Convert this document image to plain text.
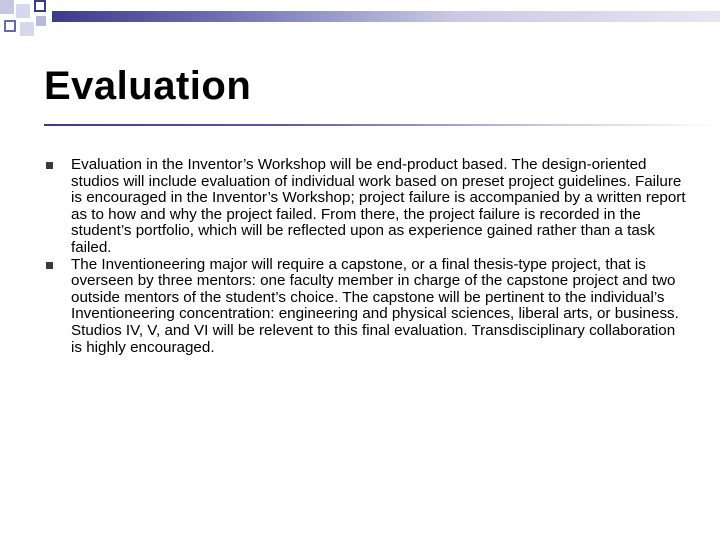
Evaluation
Evaluation in the Inventor’s Workshop will be end-product based. The design-oriented studios will include evaluation of individual work based on preset project guidelines. Failure is encouraged in the Inventor’s Workshop; project failure is accompanied by a written report as to how and why the project failed. From there, the project failure is recorded in the student’s portfolio, which will be reflected upon as experience gained rather than a task failed.
The Inventioneering major will require a capstone, or a final thesis-type project, that is overseen by three mentors: one faculty member in charge of the capstone project and two outside mentors of the student’s choice. The capstone will be pertinent to the individual’s Inventioneering concentration: engineering and physical sciences, liberal arts, or business. Studios IV, V, and VI will be relevent to this final evaluation. Transdisciplinary collaboration is highly encouraged.
